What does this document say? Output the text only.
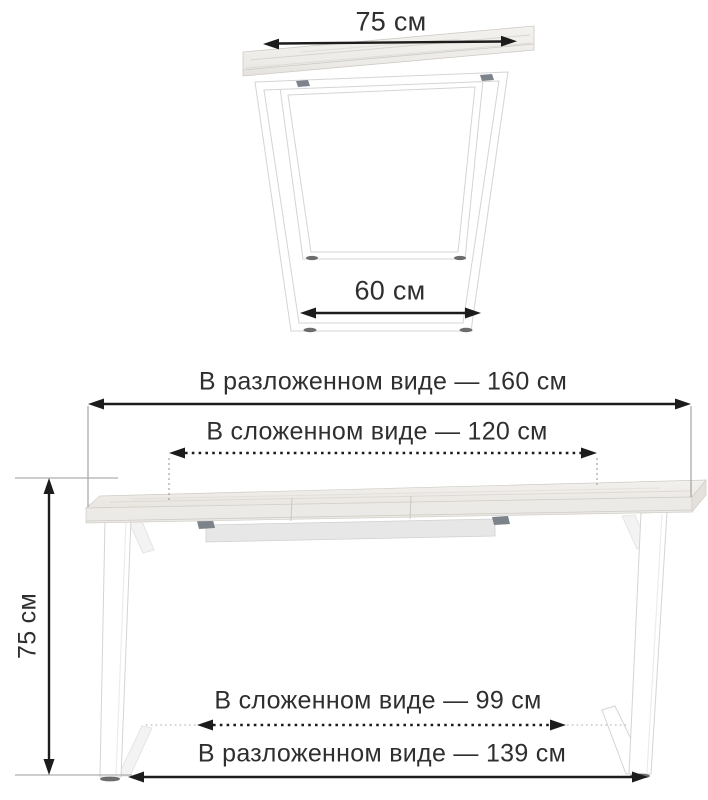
75 см
60 см
В разложенном виде — 160 см
В сложенном виде — 120 см
75 см
В сложенном виде — 99 см
В разложенном виде — 139 см
